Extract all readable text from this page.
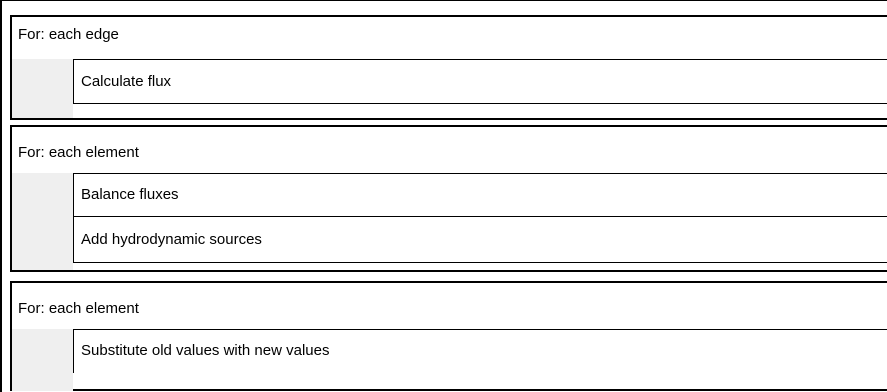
For: each edge
Calculate flux
For: each element
Balance fluxes
Add hydrodynamic sources
For: each element
Substitute old values with new values
